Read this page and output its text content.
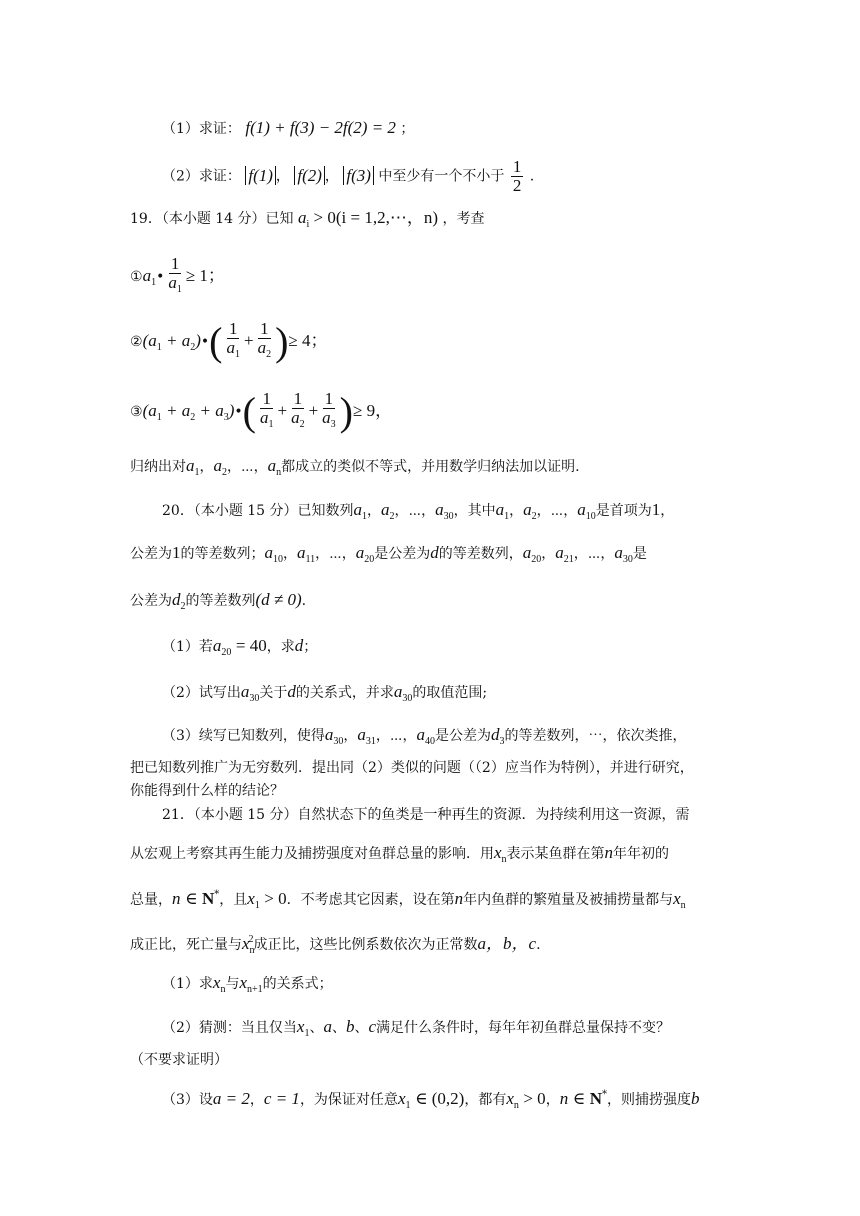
（1）求证： f(1) + f(3) − 2f(2) = 2 ；
（2）求证： f(1) ， f(2) ， f(3) 中至少有一个不小于 $\frac{1}{2}$ .
19．（本小题 14 分）已知 $a_i > 0(i$ = 1,2,⋯，n) ，考查
$①a_1• \frac{1}{a_1} \ge 1$；
$②(a_1$ + $a_2)•( \frac{1}{a_1} + \frac{1}{a_2}$ )≥ 4；
$③(a_1 + a_2$ + $a_3)•( \frac{1}{a_1} + \frac{1}{a_2} + \frac{1}{a_3}$ )≥ 9，
归纳出对$a_1$，$a_2$，⋯，$a_n$都成立的类似不等式，并用数学归纳法加以证明.
20．（本小题 15 分）已知数列$a_1$，$a_2$，⋯，$a_{30}$，其中$a_1$，$a_2$，⋯，$a_{10}$是首项为1，
公差为1的等差数列；$a_{10}$，$a_{11}$，⋯，$a_{20}$是公差为d的等差数列，$a_{20}$，$a_{21}$，⋯，$a_{30}$是
公差为$d_2$的等差数列(d ≠ 0).
（1）若$a_{20} = 40$，求d；
（2）试写出$a_{30}$关于d的关系式，并求$a_{30}$的取值范围;
（3）续写已知数列，使得$a_{30}$，$a_{31}$，⋯，$a_{40}$是公差为$d_3$的等差数列，⋯，依次类推，
把已知数列推广为无穷数列．提出同（2）类似的问题（（2）应当作为特例），并进行研究，
你能得到什么样的结论？
21．（本小题 15 分）自然状态下的鱼类是一种再生的资源．为持续利用这一资源，需
从宏观上考察其再生能力及捕捞强度对鱼群总量的影响．用$x_n$表示某鱼群在第n年年初的
总量，n ∈ N*，且$x_1 > 0$．不考虑其它因素，设在第n年内鱼群的繁殖量及被捕捞量都与$x_n$
成正比，死亡量与$x_n^2$成正比，这些比例系数依次为正常数a，b，c.
（1）求$x_n$与$x_{n+1}$的关系式；
（2）猜测：当且仅当$x_1$、a、b、c满足什么条件时，每年年初鱼群总量保持不变？
（不要求证明）
（3）设a = 2，c = 1，为保证对任意$x_1$ ∈ (0,2)，都有$x_n > 0$，n ∈ N*，则捕捞强度b
